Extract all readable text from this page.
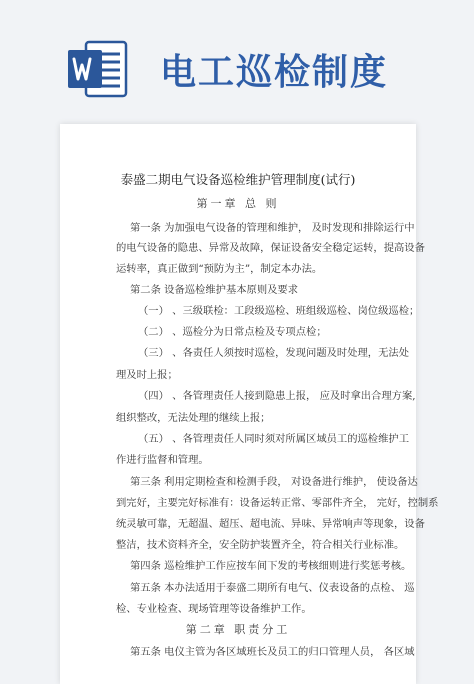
电工巡检制度
泰盛二期电气设备巡检维护管理制度(试行)
第一章 总 则
第一条 为加强电气设备的管理和维护， 及时发现和排除运行中
的电气设备的隐患、异常及故障，保证设备安全稳定运转，提高设备
运转率，真正做到“预防为主”，制定本办法。
第二条 设备巡检维护基本原则及要求
（一） 、三级联检：工段级巡检、班组级巡检、岗位级巡检；
（二） 、巡检分为日常点检及专项点检；
（三） 、各责任人须按时巡检，发现问题及时处理，无法处
理及时上报；
（四） 、各管理责任人接到隐患上报， 应及时拿出合理方案,
组织整改，无法处理的继续上报；
（五） 、各管理责任人同时须对所属区域员工的巡检维护工
作进行监督和管理。
第三条 利用定期检查和检测手段， 对设备进行维护， 使设备达
到完好，主要完好标准有：设备运转正常、零部件齐全， 完好，控制系
统灵敏可靠，无超温、超压、超电流、异味、异常响声等现象，设备
整洁，技术资料齐全，安全防护装置齐全，符合相关行业标准。
第四条 巡检维护工作应按车间下发的考核细则进行奖惩考核。
第五条 本办法适用于泰盛二期所有电气、仪表设备的点检、 巡
检、专业检查、现场管理等设备维护工作。
第二章 职责分工
第五条 电仪主管为各区域班长及员工的归口管理人员， 各区域
